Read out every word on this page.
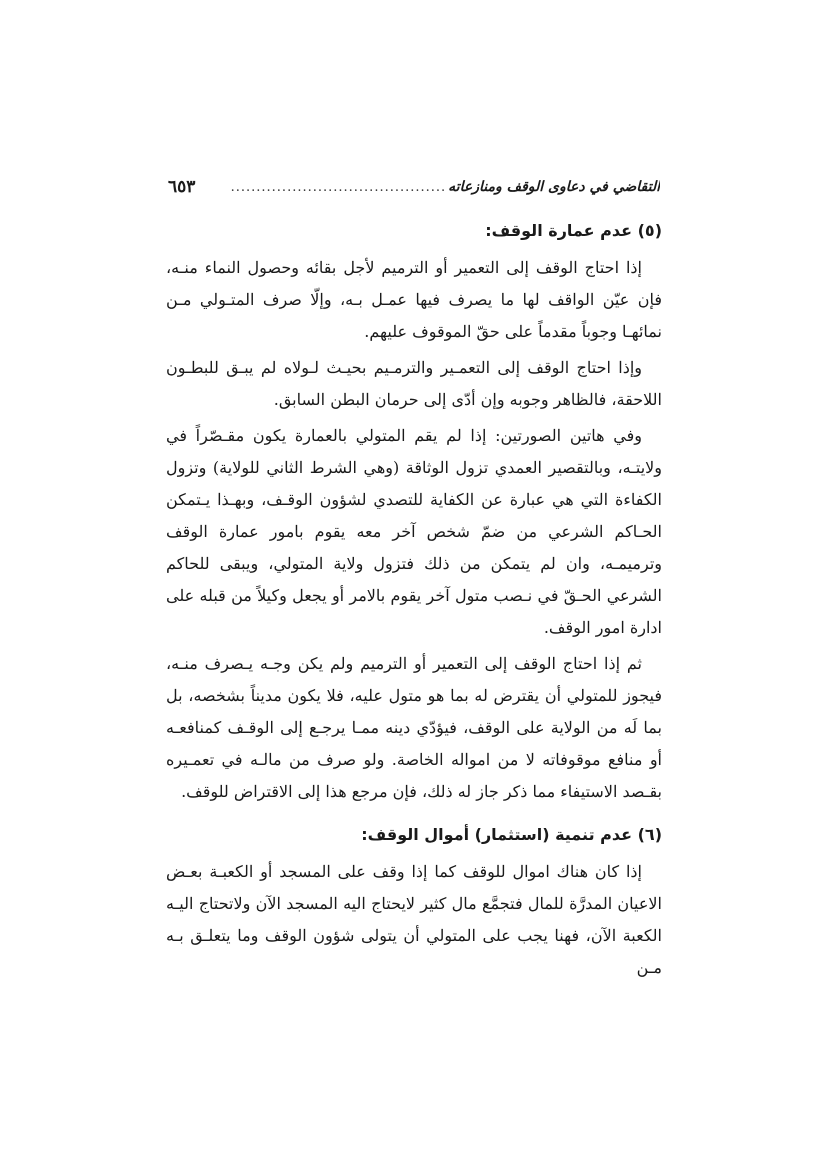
التقاضي في دعاوى الوقف ومنازعاته
..........................................
٦٥٣
(٥) عدم عمارة الوقف:

إذا احتاج الوقف إلى التعمير أو الترميم لأجل بقائه وحصول النماء منـه، فإن عيّن الواقف لها ما يصرف فيها عمـل بـه، وإلّا صرف المتـولي مـن نمائهـا وجوباً مقدماً على حقّ الموقوف عليهم.

وإذا احتاج الوقف إلى التعمـير والترمـيم بحيـث لـولاه لم يبـق للبطـون اللاحقة، فالظاهر وجوبه وإن أدّى إلى حرمان البطن السابق.

وفي هاتين الصورتين: إذا لم يقم المتولي بالعمارة يكون مقـصّراً في ولايتـه، وبالتقصير العمدي تزول الوثاقة (وهي الشرط الثاني للولاية) وتزول الكفاءة التي هي عبارة عن الكفاية للتصدي لشؤون الوقـف، وبهـذا يـتمكن الحـاكم الشرعي من ضمّ شخص آخر معه يقوم بامور عمارة الوقف وترميمـه، وان لم يتمكن من ذلك فتزول ولاية المتولي، ويبقى للحاكم الشرعي الحـقّ في نـصب متول آخر يقوم بالامر أو يجعل وكيلاً من قبله على ادارة امور الوقف.

ثم إذا احتاج الوقف إلى التعمير أو الترميم ولم يكن وجـه يـصرف منـه، فيجوز للمتولي أن يقترض له بما هو متول عليه، فلا يكون مديناً بشخصه، بل بما لَه من الولاية على الوقف، فيؤدّي دينه ممـا يرجـع إلى الوقـف كمنافعـه أو منافع موقوفاته لا من امواله الخاصة. ولو صرف من مالـه في تعمـيره بقـصد الاستيفاء مما ذكر جاز له ذلك، فإن مرجع هذا إلى الاقتراض للوقف.

(٦) عدم تنمية (استثمار) أموال الوقف:

إذا كان هناك اموال للوقف كما إذا وقف على المسجد أو الكعبـة بعـض الاعيان المدرَّة للمال فتجمَّع مال كثير لايحتاج اليه المسجد الآن ولاتحتاج اليـه الكعبة الآن، فهنا يجب على المتولي أن يتولى شؤون الوقف وما يتعلـق بـه مـن
